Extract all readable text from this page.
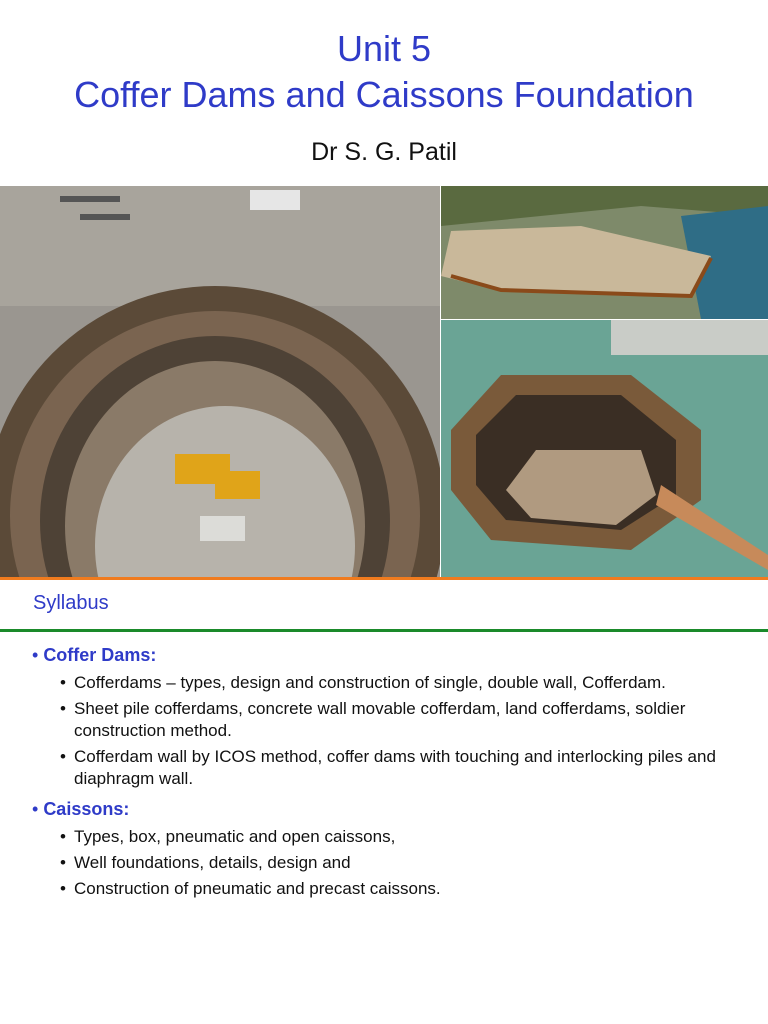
Unit 5
Coffer Dams and Caissons Foundation
Dr S. G. Patil
Syllabus
• Coffer Dams:
• Cofferdams – types, design and construction of single, double wall, Cofferdam.
• Sheet pile cofferdams, concrete wall movable cofferdam, land cofferdams, soldier construction method.
• Cofferdam wall by ICOS method, coffer dams with touching and interlocking piles and diaphragm wall.
• Caissons:
• Types, box, pneumatic and open caissons,
• Well foundations, details, design and
• Construction of pneumatic and precast caissons.
